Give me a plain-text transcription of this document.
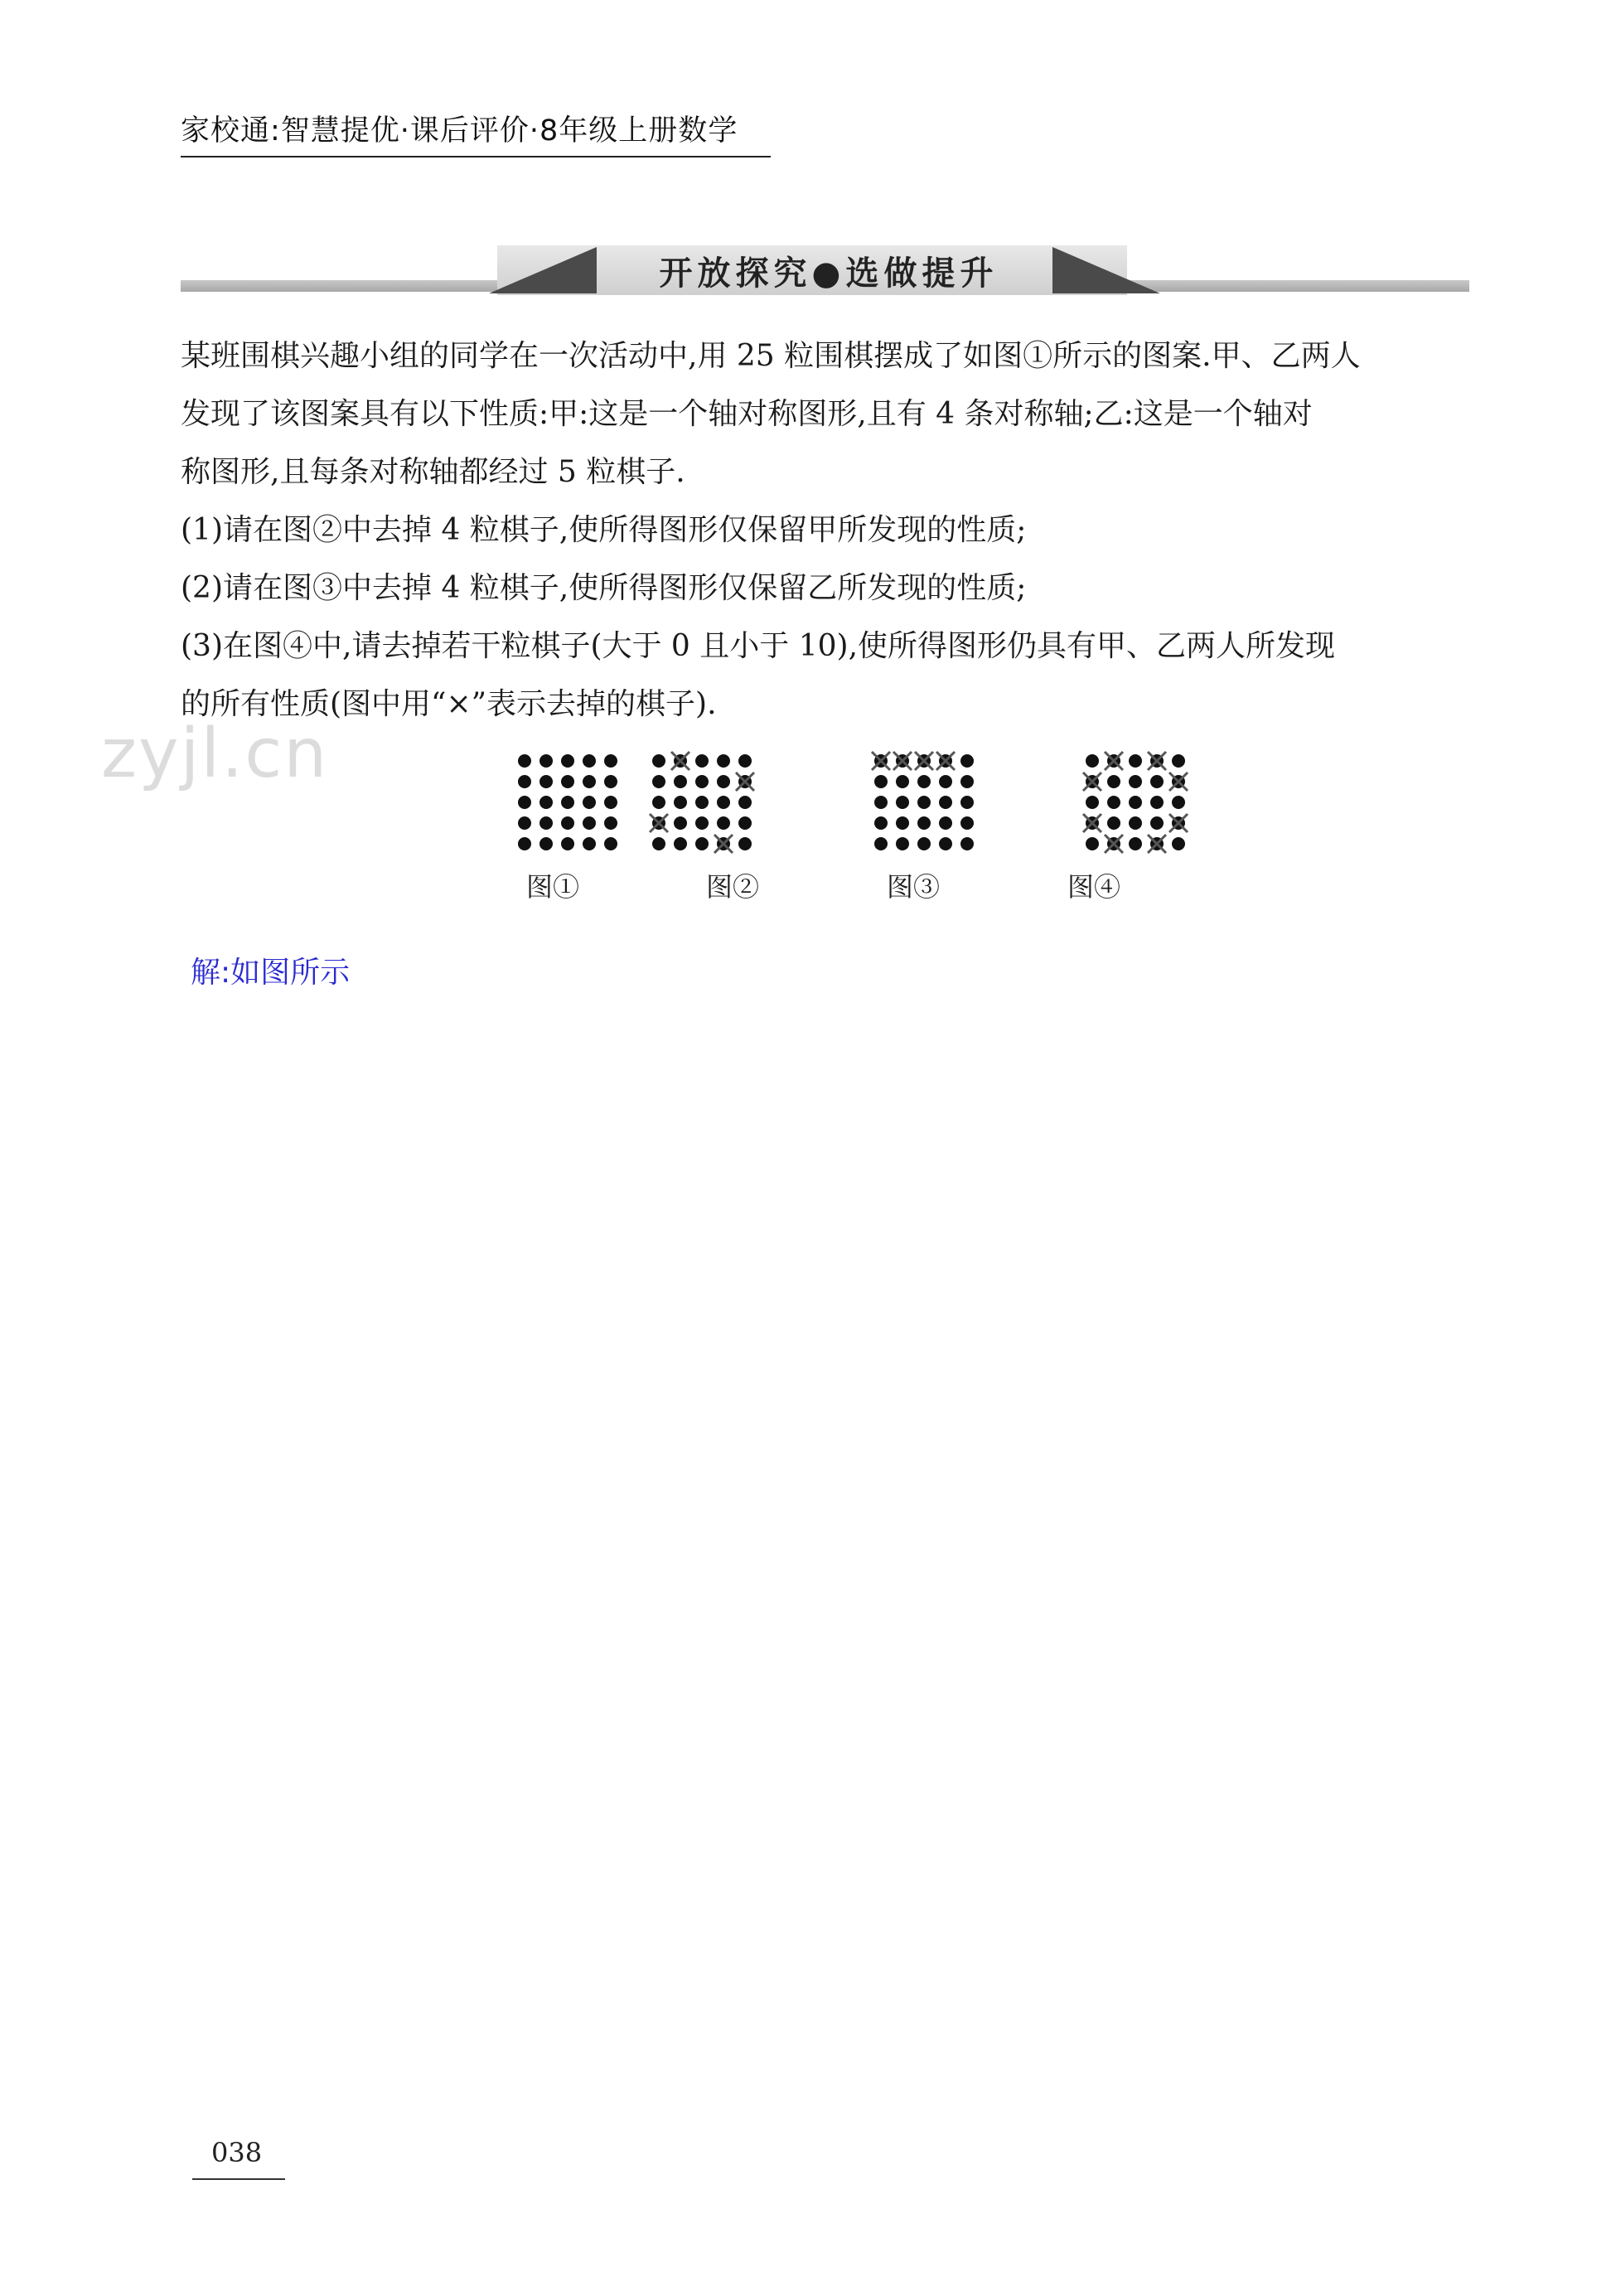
家校通:智慧提优·课后评价·8年级上册数学
开放探究●选做提升
某班围棋兴趣小组的同学在一次活动中,用 25 粒围棋摆成了如图①所示的图案.甲、乙两人
发现了该图案具有以下性质:甲:这是一个轴对称图形,且有 4 条对称轴;乙:这是一个轴对
称图形,且每条对称轴都经过 5 粒棋子.
(1)请在图②中去掉 4 粒棋子,使所得图形仅保留甲所发现的性质;
(2)请在图③中去掉 4 粒棋子,使所得图形仅保留乙所发现的性质;
(3)在图④中,请去掉若干粒棋子(大于 0 且小于 10),使所得图形仍具有甲、乙两人所发现
的所有性质(图中用“×”表示去掉的棋子).
zyjl.cn
图①	图②	图③	图④
解:如图所示
038
